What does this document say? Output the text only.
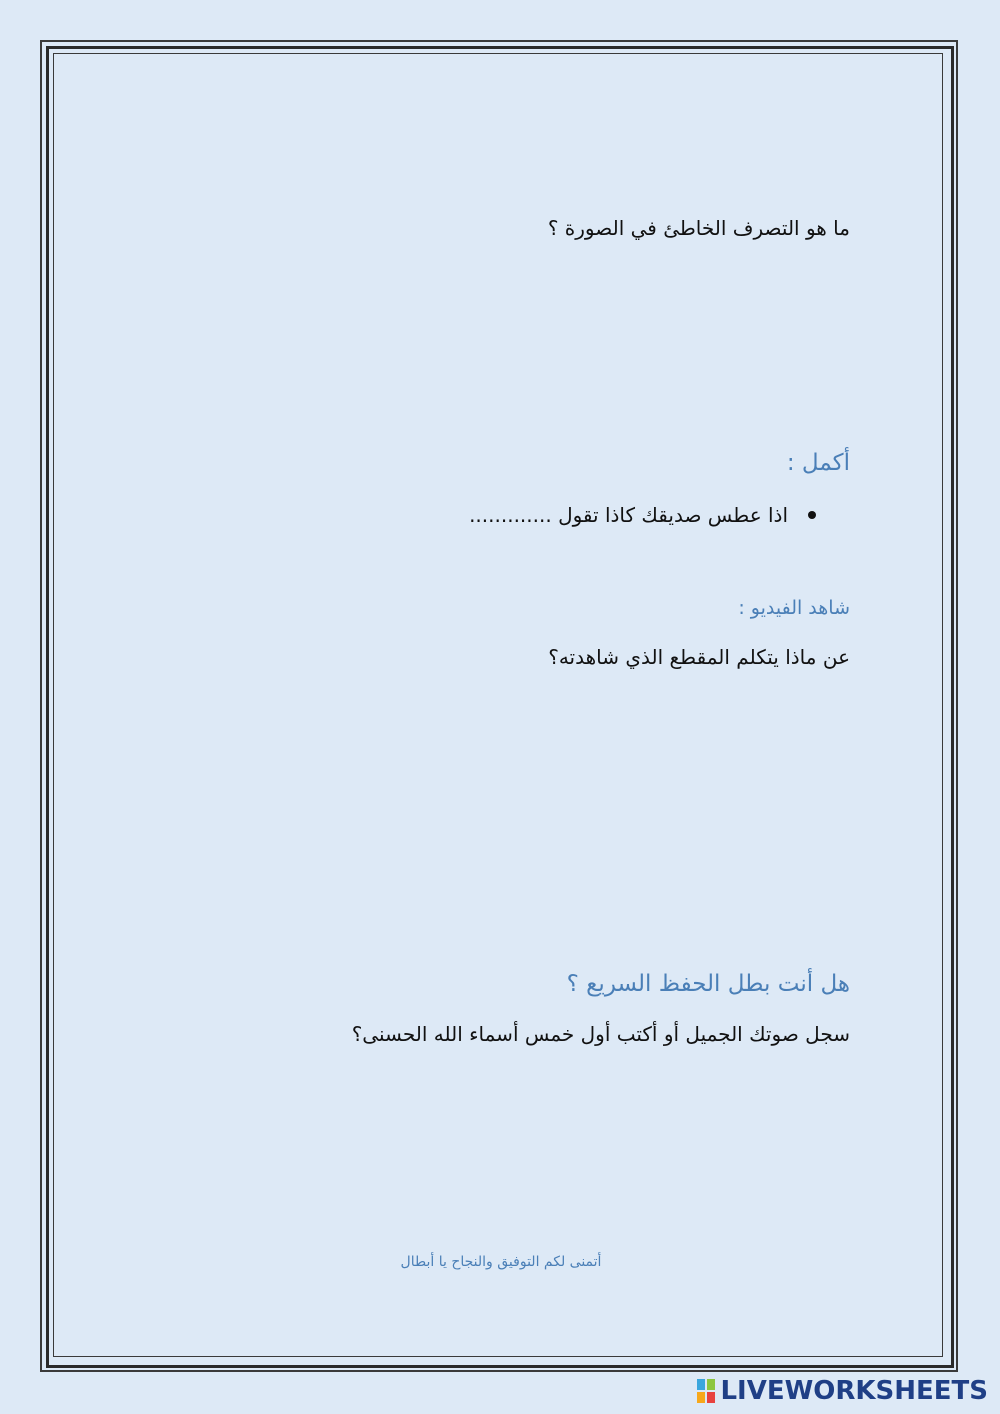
ما هو التصرف الخاطئ في الصورة ؟

أكمل :

اذا عطس صديقك كاذا تقول .............

شاهد الفيديو :

عن ماذا يتكلم المقطع الذي شاهدته؟

هل أنت بطل الحفظ السريع ؟

سجل صوتك الجميل أو أكتب أول خمس أسماء الله الحسنى؟

أتمنى لكم التوفيق والنجاح يا أبطال
LIVEWORKSHEETS
